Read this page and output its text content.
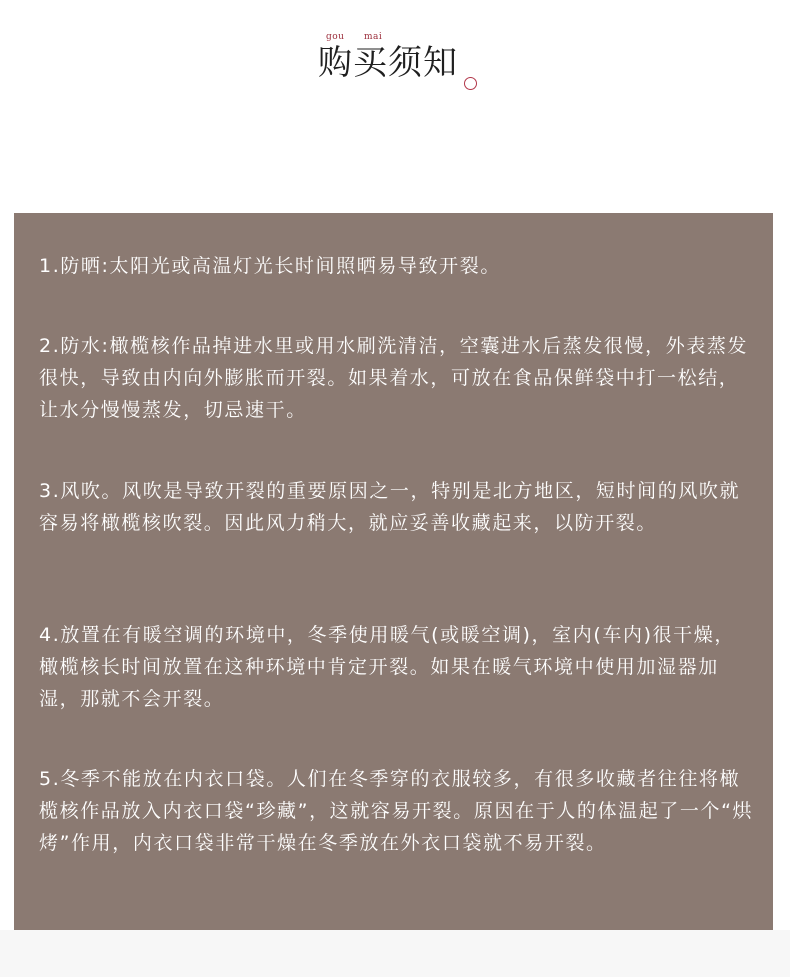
gou mai
购买须知

1.防晒:太阳光或高温灯光长时间照晒易导致开裂。

2.防水:橄榄核作品掉进水里或用水刷洗清洁，空囊进水后蒸发很慢，外表蒸发很快，导致由内向外膨胀而开裂。如果着水，可放在食品保鲜袋中打一松结，让水分慢慢蒸发，切忌速干。

3.风吹。风吹是导致开裂的重要原因之一，特别是北方地区，短时间的风吹就容易将橄榄核吹裂。因此风力稍大，就应妥善收藏起来，以防开裂。

4.放置在有暖空调的环境中，冬季使用暖气(或暖空调)，室内(车内)很干燥，橄榄核长时间放置在这种环境中肯定开裂。如果在暖气环境中使用加湿器加湿，那就不会开裂。

5.冬季不能放在内衣口袋。人们在冬季穿的衣服较多，有很多收藏者往往将橄榄核作品放入内衣口袋“珍藏”，这就容易开裂。原因在于人的体温起了一个“烘烤”作用，内衣口袋非常干燥在冬季放在外衣口袋就不易开裂。
